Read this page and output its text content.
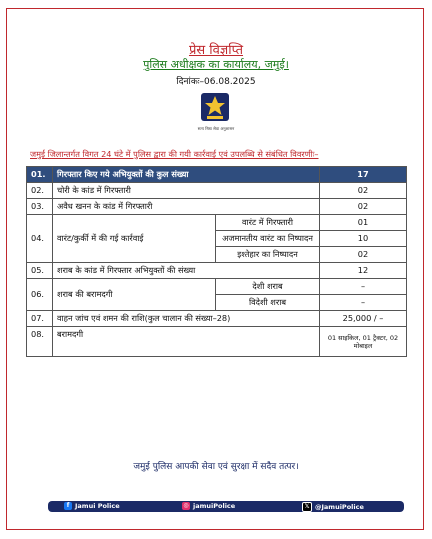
प्रेस विज्ञप्ति
पुलिस अधीक्षक का कार्यालय, जमुई।
दिनांकः–06.08.2025
सत्य निष्ठा सेवा अनुशासन
जमुई जिलान्तर्गत विगत 24 घंटे में पुलिस द्वारा की गयी कार्रवाई एवं उपलब्धि से संबंधित विवरणीः–
01.	गिरफ्तार किए गये अभियुक्तों की कुल संख्या		17
02.	चोरी के कांड में गिरफ्तारी		02
03.	अवैध खनन के कांड में गिरफ्तारी		02
04.	वारंट/कुर्की में की गई कार्रवाई	वारंट में गिरफ्तारी	01
		अजमानतीय वारंट का निष्पादन	10
		इश्तेहार का निष्पादन	02
05.	शराब के कांड में गिरफ्तार अभियुक्तों की संख्या		12
06.	शराब की बरामदगी	देशी शराब	–
		विदेशी शराब	–
07.	वाहन जांच एवं शमन की राशि(कुल चालान की संख्या–28)		25,000 / –
08.	बरामदगी		01 साइकिल, 01 ट्रैक्टर, 02 मोबाइल
जमुई पुलिस आपकी सेवा एवं सुरक्षा में सदैव तत्पर।
f Jamui Police	◎ jamuiPolice	𝕏 @JamuiPolice
